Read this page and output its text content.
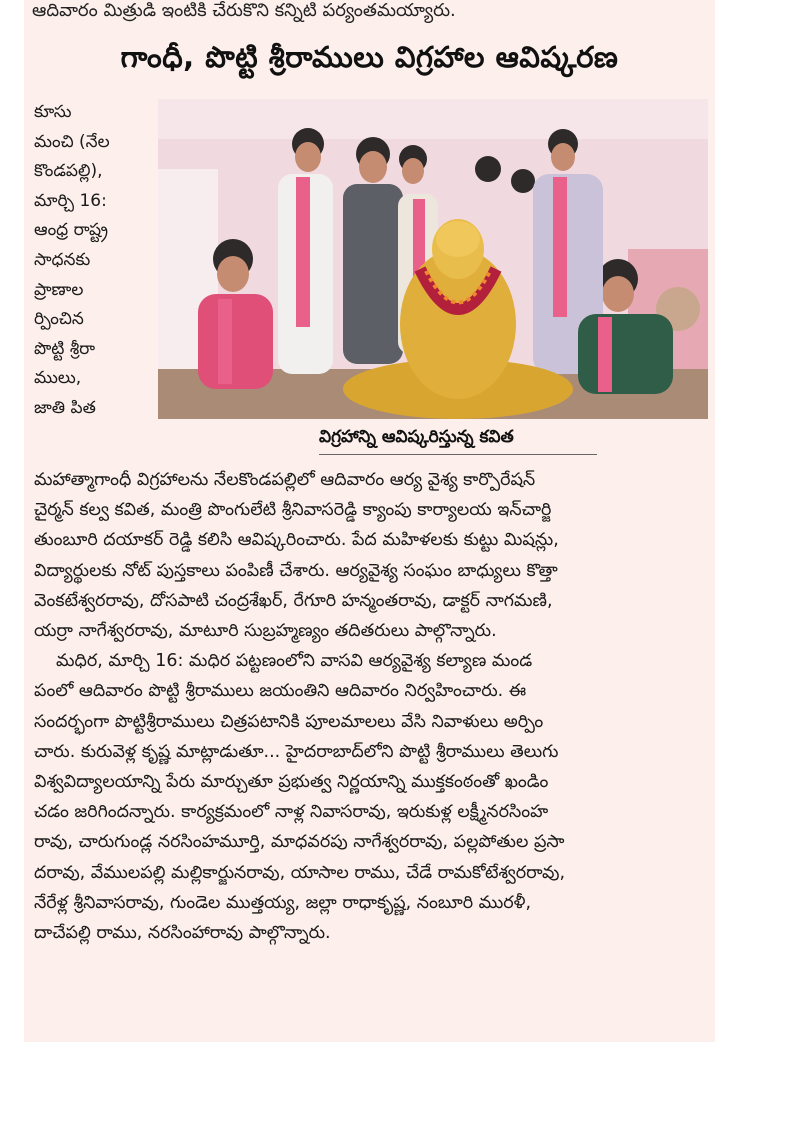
ఆదివారం మిత్రుడి ఇంటికి చేరుకొని కన్నిటి పర్యంతమయ్యారు.
గాంధీ, పొట్టి శ్రీరాములు విగ్రహాల ఆవిష్కరణ
కూసు
మంచి (నేల
కొండపల్లి),
మార్చి 16:
ఆంధ్ర రాష్ట్ర
సాధనకు
ప్రాణాల
ర్పించిన
పొట్టి శ్రీరా
ములు,
జాతి పిత
విగ్రహాన్ని ఆవిష్కరిస్తున్న కవిత
మహాత్మాగాంధీ విగ్రహాలను నేలకొండపల్లిలో ఆదివారం ఆర్య వైశ్య కార్పొరేషన్
చైర్మన్ కల్వ కవిత, మంత్రి పొంగులేటి శ్రీనివాసరెడ్డి క్యాంపు కార్యాలయ ఇన్‌చార్జి
తుంబూరి దయాకర్ రెడ్డి కలిసి ఆవిష్కరించారు. పేద మహిళలకు కుట్టు మిషన్లు,
విద్యార్థులకు నోట్ పుస్తకాలు పంపిణీ చేశారు. ఆర్యవైశ్య సంఘం బాధ్యులు కొత్తా
వెంకటేశ్వరరావు, దోసపాటి చంద్రశేఖర్, రేగూరి హన్మంతరావు, డాక్టర్ నాగమణి,
యర్రా నాగేశ్వరరావు, మాటూరి సుబ్రహ్మణ్యం తదితరులు పాల్గొన్నారు.
మధిర, మార్చి 16: మధిర పట్టణంలోని వాసవి ఆర్యవైశ్య కల్యాణ మండ
పంలో ఆదివారం పొట్టి శ్రీరాములు జయంతిని ఆదివారం నిర్వహించారు. ఈ
సందర్భంగా పొట్టిశ్రీరాములు చిత్రపటానికి పూలమాలలు వేసి నివాళులు అర్పిం
చారు. కురువెళ్ల కృష్ణ మాట్లాడుతూ... హైదరాబాద్‌లోని పొట్టి శ్రీరాములు తెలుగు
విశ్వవిద్యాలయాన్ని పేరు మార్చుతూ ప్రభుత్వ నిర్ణయాన్ని ముక్తకంఠంతో ఖండిం
చడం జరిగిందన్నారు. కార్యక్రమంలో నాళ్ల నివాసరావు, ఇరుకుళ్ల లక్ష్మీనరసింహ
రావు, చారుగుండ్ల నరసింహమూర్తి, మాధవరపు నాగేశ్వరరావు, పల్లపోతుల ప్రసా
దరావు, వేములపల్లి మల్లికార్జునరావు, యాసాల రాము, చేడే రామకోటేశ్వరరావు,
నేరేళ్ల శ్రీనివాసరావు, గుండెల ముత్తయ్య, జల్లా రాధాకృష్ణ, నంబూరి మురళీ,
దాచేపల్లి రాము, నరసింహారావు పాల్గొన్నారు.
